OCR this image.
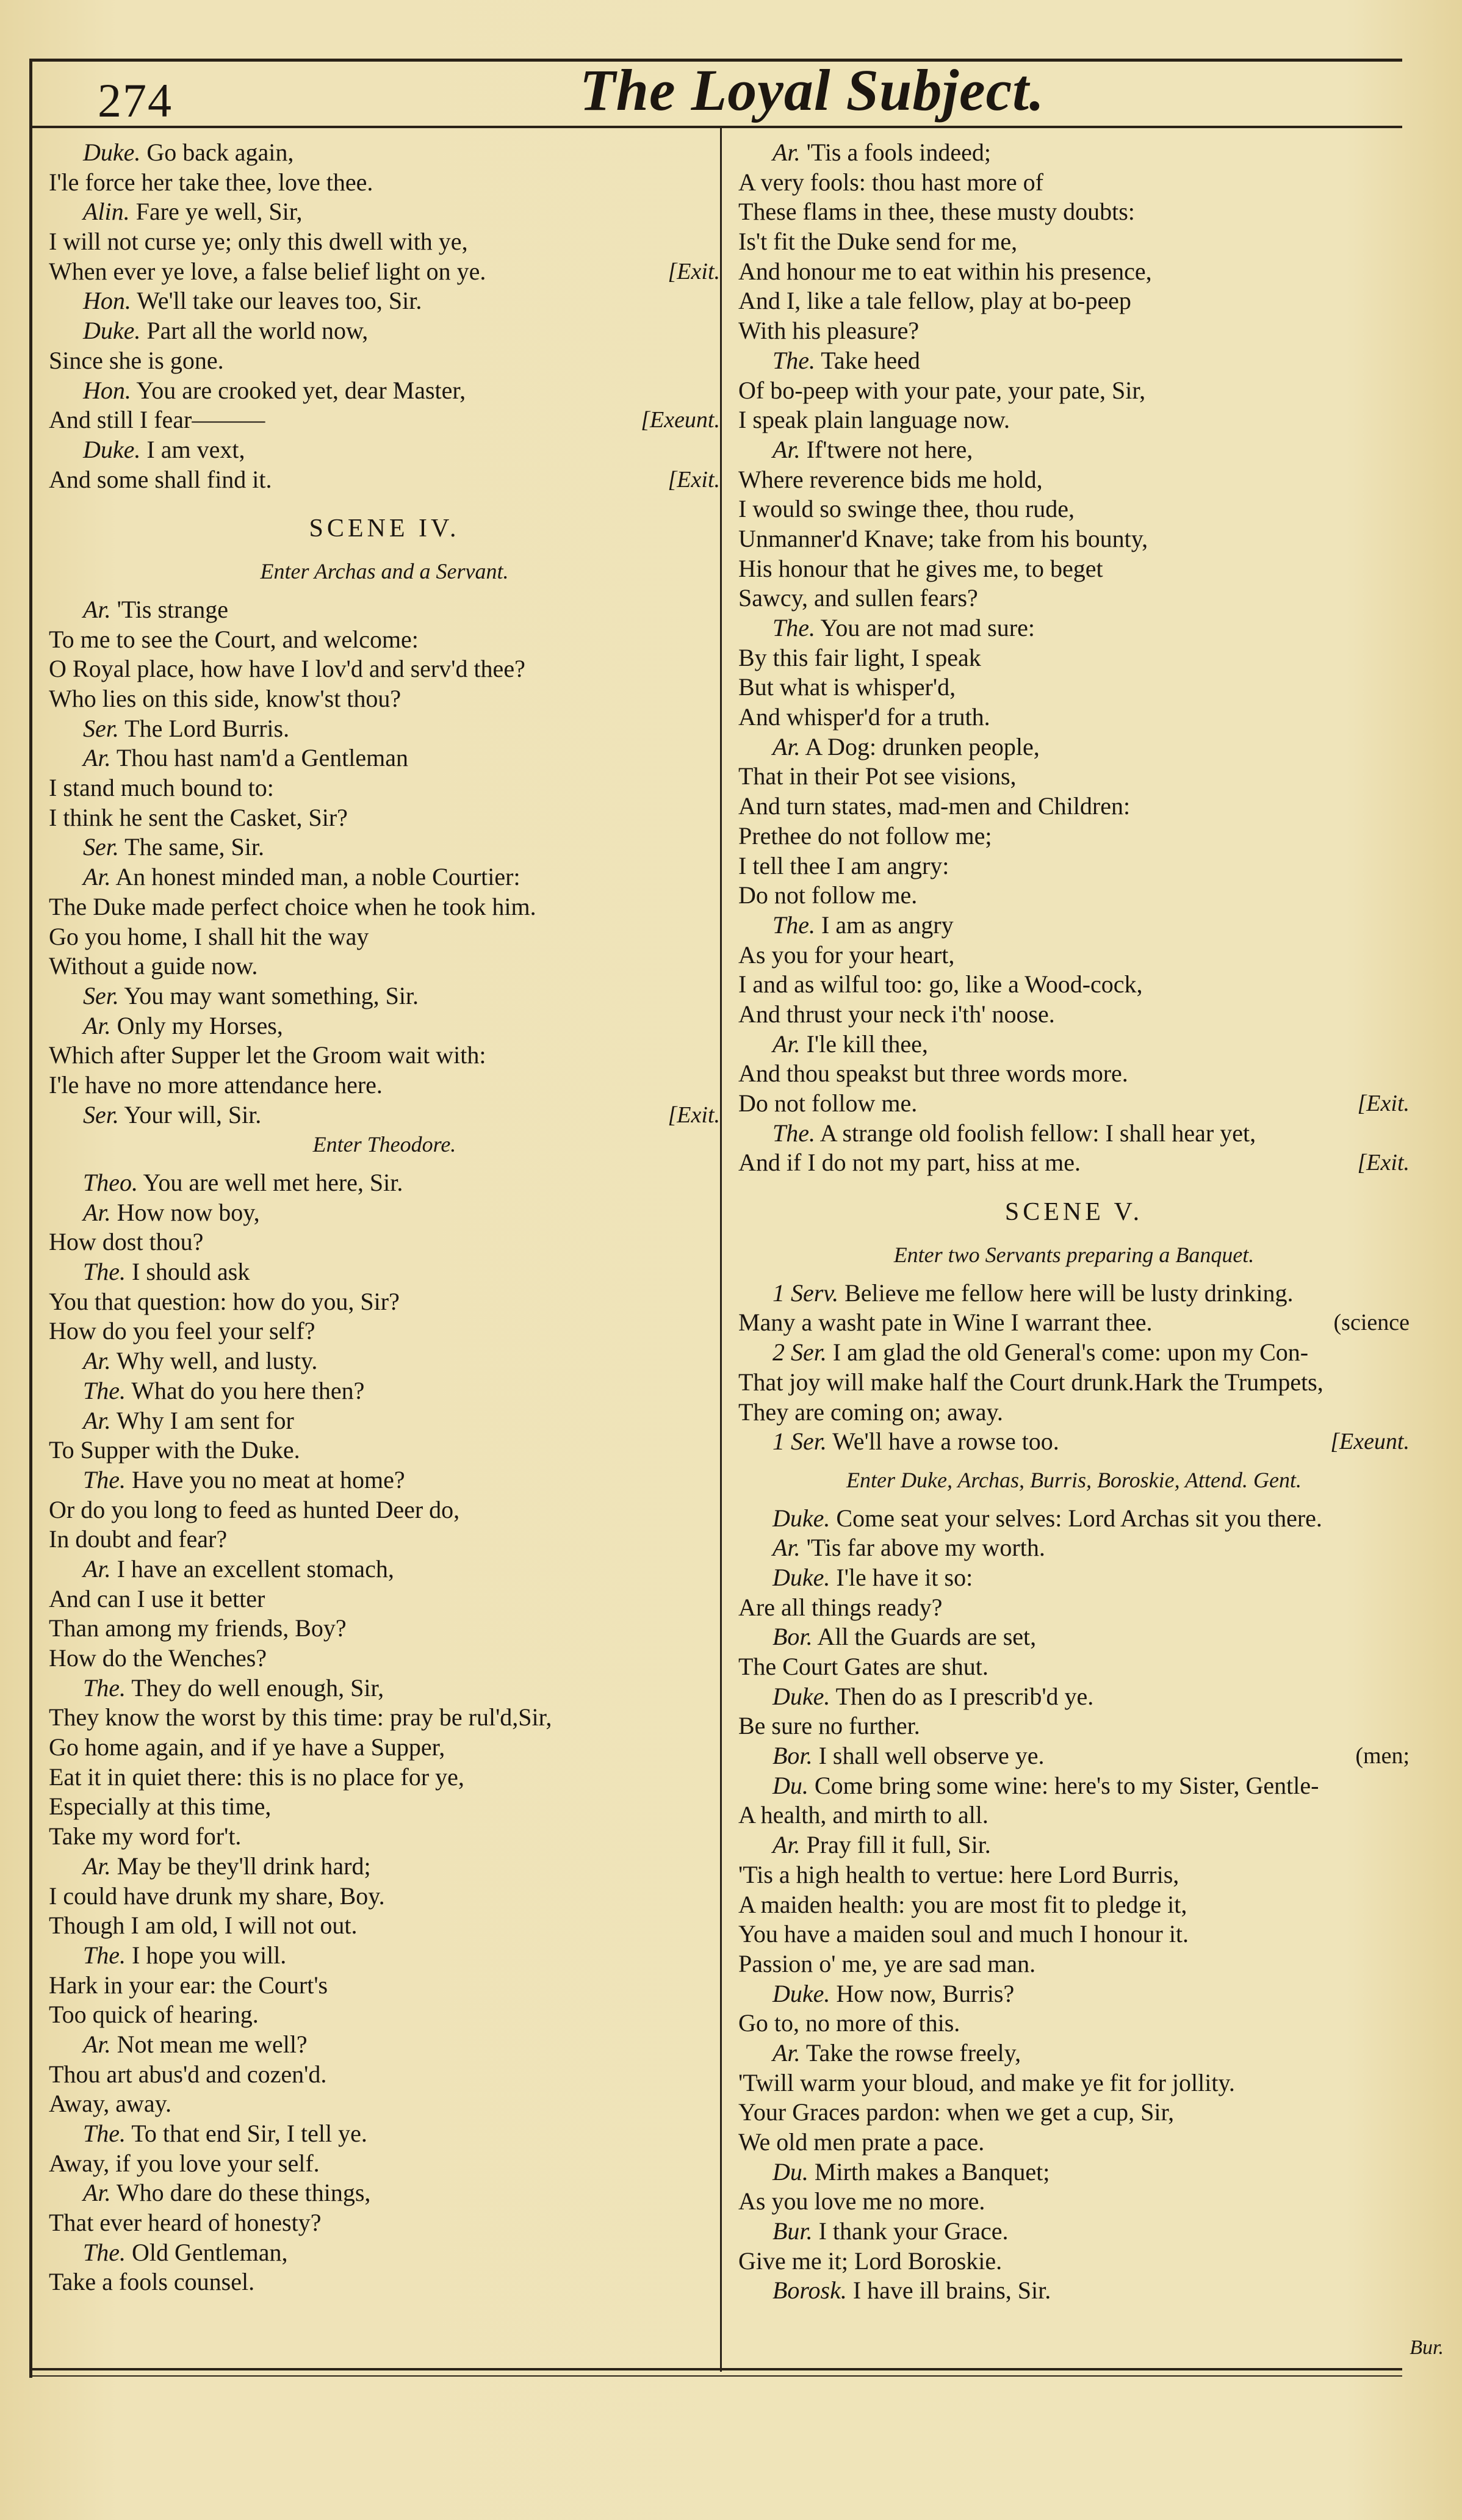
274	The Loyal Subject.
Duke. Go back again,
I'le force her take thee, love thee.
Alin. Fare ye well, Sir,
I will not curse ye; only this dwell with ye,
When ever ye love, a false belief light on ye.	[Exit.
Hon. We'll take our leaves too, Sir.
Duke. Part all the world now,
Since she is gone.
Hon. You are crooked yet, dear Master,
And still I fear———	[Exeunt.
Duke. I am vext,
And some shall find it.	[Exit.
SCENE IV.
Enter Archas and a Servant.
Ar. 'Tis strange
To me to see the Court, and welcome:
O Royal place, how have I lov'd and serv'd thee?
Who lies on this side, know'st thou?
Ser. The Lord Burris.
Ar. Thou hast nam'd a Gentleman
I stand much bound to:
I think he sent the Casket, Sir?
Ser. The same, Sir.
Ar. An honest minded man, a noble Courtier:
The Duke made perfect choice when he took him.
Go you home, I shall hit the way
Without a guide now.
Ser. You may want something, Sir.
Ar. Only my Horses,
Which after Supper let the Groom wait with:
I'le have no more attendance here.
Ser. Your will, Sir.	[Exit.
Enter Theodore.
Theo. You are well met here, Sir.
Ar. How now boy,
How dost thou?
The. I should ask
You that question: how do you, Sir?
How do you feel your self?
Ar. Why well, and lusty.
The. What do you here then?
Ar. Why I am sent for
To Supper with the Duke.
The. Have you no meat at home?
Or do you long to feed as hunted Deer do,
In doubt and fear?
Ar. I have an excellent stomach,
And can I use it better
Than among my friends, Boy?
How do the Wenches?
The. They do well enough, Sir,
They know the worst by this time: pray be rul'd,Sir,
Go home again, and if ye have a Supper,
Eat it in quiet there: this is no place for ye,
Especially at this time,
Take my word for't.
Ar. May be they'll drink hard;
I could have drunk my share, Boy.
Though I am old, I will not out.
The. I hope you will.
Hark in your ear: the Court's
Too quick of hearing.
Ar. Not mean me well?
Thou art abus'd and cozen'd.
Away, away.
The. To that end Sir, I tell ye.
Away, if you love your self.
Ar. Who dare do these things,
That ever heard of honesty?
The. Old Gentleman,
Take a fools counsel.
Ar. 'Tis a fools indeed;
A very fools: thou hast more of
These flams in thee, these musty doubts:
Is't fit the Duke send for me,
And honour me to eat within his presence,
And I, like a tale fellow, play at bo-peep
With his pleasure?
The. Take heed
Of bo-peep with your pate, your pate, Sir,
I speak plain language now.
Ar. If'twere not here,
Where reverence bids me hold,
I would so swinge thee, thou rude,
Unmanner'd Knave; take from his bounty,
His honour that he gives me, to beget
Sawcy, and sullen fears?
The. You are not mad sure:
By this fair light, I speak
But what is whisper'd,
And whisper'd for a truth.
Ar. A Dog: drunken people,
That in their Pot see visions,
And turn states, mad-men and Children:
Prethee do not follow me;
I tell thee I am angry:
Do not follow me.
The. I am as angry
As you for your heart,
I and as wilful too: go, like a Wood-cock,
And thrust your neck i'th' noose.
Ar. I'le kill thee,
And thou speakst but three words more.
Do not follow me.	[Exit.
The. A strange old foolish fellow: I shall hear yet,
And if I do not my part, hiss at me.	[Exit.
SCENE V.
Enter two Servants preparing a Banquet.
1 Serv. Believe me fellow here will be lusty drinking.
Many a washt pate in Wine I warrant thee.	(science
2 Ser. I am glad the old General's come: upon my Con-
That joy will make half the Court drunk.Hark the Trumpets,
They are coming on; away.
1 Ser. We'll have a rowse too.	[Exeunt.
Enter Duke, Archas, Burris, Boroskie, Attend. Gent.
Duke. Come seat your selves: Lord Archas sit you there.
Ar. 'Tis far above my worth.
Duke. I'le have it so:
Are all things ready?
Bor. All the Guards are set,
The Court Gates are shut.
Duke. Then do as I prescrib'd ye.
Be sure no further.
Bor. I shall well observe ye.	(men;
Du. Come bring some wine: here's to my Sister, Gentle-
A health, and mirth to all.
Ar. Pray fill it full, Sir.
'Tis a high health to vertue: here Lord Burris,
A maiden health: you are most fit to pledge it,
You have a maiden soul and much I honour it.
Passion o' me, ye are sad man.
Duke. How now, Burris?
Go to, no more of this.
Ar. Take the rowse freely,
'Twill warm your bloud, and make ye fit for jollity.
Your Graces pardon: when we get a cup, Sir,
We old men prate a pace.
Du. Mirth makes a Banquet;
As you love me no more.
Bur. I thank your Grace.
Give me it; Lord Boroskie.
Borosk. I have ill brains, Sir.
Bur.
